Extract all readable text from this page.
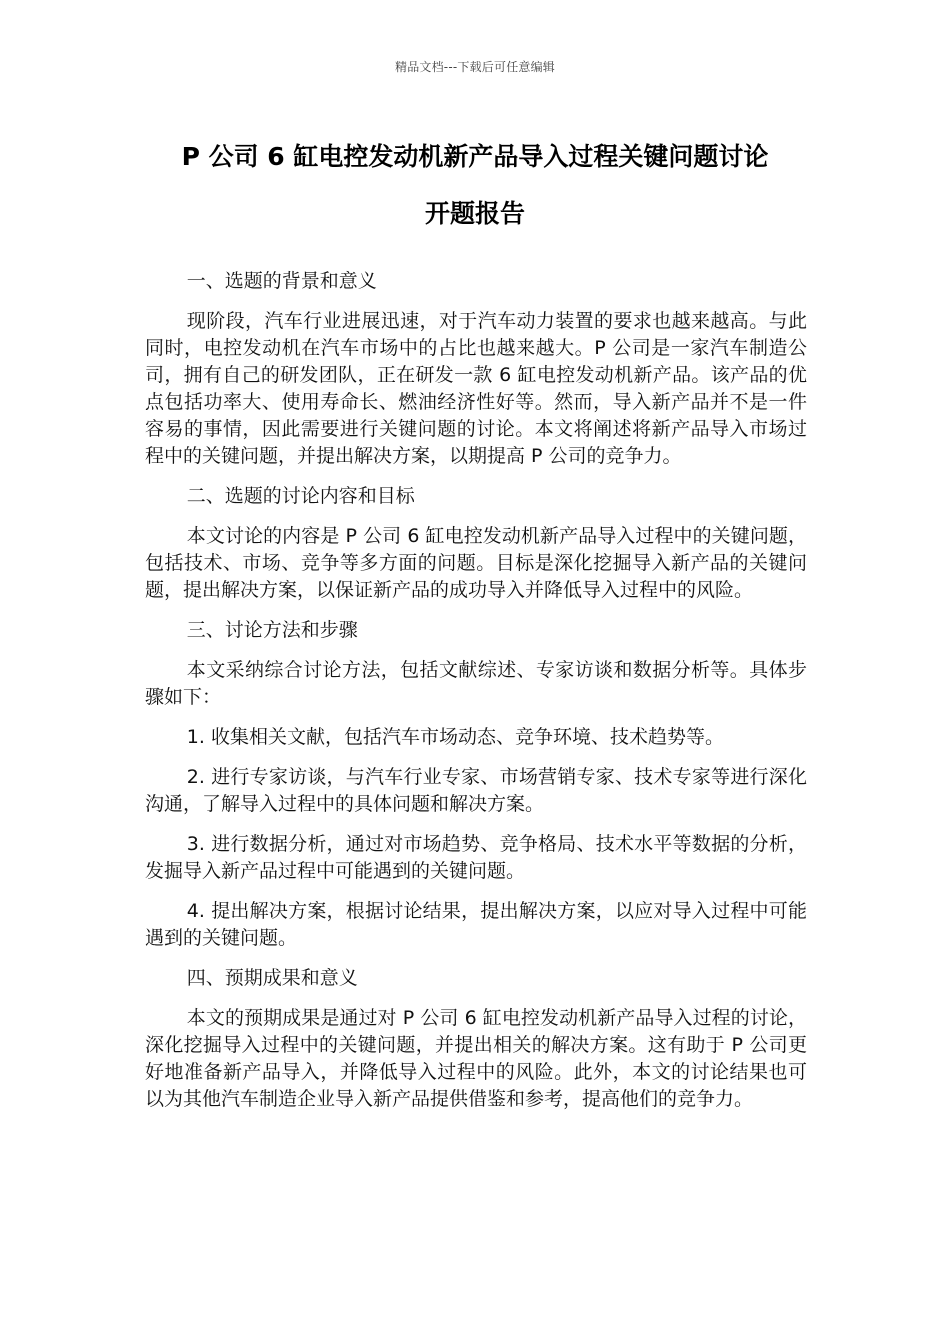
精品文档---下载后可任意编辑
P 公司 6 缸电控发动机新产品导入过程关键问题讨论
开题报告

一、选题的背景和意义

现阶段，汽车行业进展迅速，对于汽车动力装置的要求也越来越高。与此同时，电控发动机在汽车市场中的占比也越来越大。P 公司是一家汽车制造公司，拥有自己的研发团队，正在研发一款 6 缸电控发动机新产品。该产品的优点包括功率大、使用寿命长、燃油经济性好等。然而，导入新产品并不是一件容易的事情，因此需要进行关键问题的讨论。本文将阐述将新产品导入市场过程中的关键问题，并提出解决方案，以期提高 P 公司的竞争力。

二、选题的讨论内容和目标

本文讨论的内容是 P 公司 6 缸电控发动机新产品导入过程中的关键问题，包括技术、市场、竞争等多方面的问题。目标是深化挖掘导入新产品的关键问题，提出解决方案，以保证新产品的成功导入并降低导入过程中的风险。

三、讨论方法和步骤

本文采纳综合讨论方法，包括文献综述、专家访谈和数据分析等。具体步骤如下：

1. 收集相关文献，包括汽车市场动态、竞争环境、技术趋势等。

2. 进行专家访谈，与汽车行业专家、市场营销专家、技术专家等进行深化沟通，了解导入过程中的具体问题和解决方案。

3. 进行数据分析，通过对市场趋势、竞争格局、技术水平等数据的分析，发掘导入新产品过程中可能遇到的关键问题。

4. 提出解决方案，根据讨论结果，提出解决方案，以应对导入过程中可能遇到的关键问题。

四、预期成果和意义

本文的预期成果是通过对 P 公司 6 缸电控发动机新产品导入过程的讨论，深化挖掘导入过程中的关键问题，并提出相关的解决方案。这有助于 P 公司更好地准备新产品导入，并降低导入过程中的风险。此外，本文的讨论结果也可以为其他汽车制造企业导入新产品提供借鉴和参考，提高他们的竞争力。
